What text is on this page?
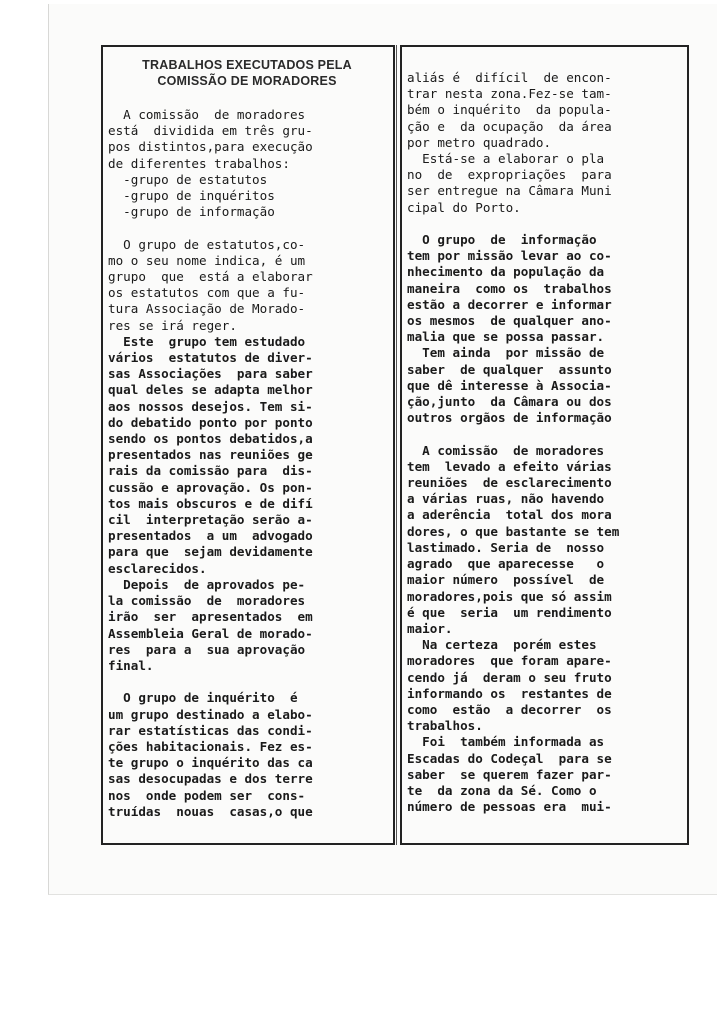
TRABALHOS EXECUTADOS PELA
COMISSÃO DE MORADORES
A comissão  de moradores
está  dividida em três gru-
pos distintos,para execução
de diferentes trabalhos:
-grupo de estatutos
-grupo de inquéritos
-grupo de informação

O grupo de estatutos,co-
mo o seu nome indica, é um
grupo  que  está a elaborar
os estatutos com que a fu-
tura Associação de Morado-
res se irá reger.
Este  grupo tem estudado
vários  estatutos de diver-
sas Associações  para saber
qual deles se adapta melhor
aos nossos desejos. Tem si-
do debatido ponto por ponto
sendo os pontos debatidos,a
presentados nas reuniões ge
rais da comissão para  dis-
cussão e aprovação. Os pon-
tos mais obscuros e de difí
cil  interpretação serão a-
presentados  a um  advogado
para que  sejam devidamente
esclarecidos.
Depois  de aprovados pe-
la comissão  de  moradores
irão  ser  apresentados  em
Assembleia Geral de morado-
res  para a  sua aprovação
final.

O grupo de inquérito  é
um grupo destinado a elabo-
rar estatísticas das condi-
ções habitacionais. Fez es-
te grupo o inquérito das ca
sas desocupadas e dos terre
nos  onde podem ser  cons-
truídas  nouas  casas,o que
aliás é  difícil  de encon-
trar nesta zona.Fez-se tam-
bém o inquérito  da popula-
ção e  da ocupação  da área
por metro quadrado.
Está-se a elaborar o pla
no  de  expropriações  para
ser entregue na Câmara Muni
cipal do Porto.

O grupo  de  informação
tem por missão levar ao co-
nhecimento da população da
maneira  como os  trabalhos
estão a decorrer e informar
os mesmos  de qualquer ano-
malia que se possa passar.
Tem ainda  por missão de
saber  de qualquer  assunto
que dê interesse à Associa-
ção,junto  da Câmara ou dos
outros orgãos de informação

A comissão  de moradores
tem  levado a efeito várias
reuniões  de esclarecimento
a várias ruas, não havendo
a aderência  total dos mora
dores, o que bastante se tem
lastimado. Seria de  nosso
agrado  que aparecesse   o
maior número  possível  de
moradores,pois que só assim
é que  seria  um rendimento
maior.
Na certeza  porém estes
moradores  que foram apare-
cendo já  deram o seu fruto
informando os  restantes de
como  estão  a decorrer  os
trabalhos.
Foi  também informada as
Escadas do Codeçal  para se
saber  se querem fazer par-
te  da zona da Sé. Como o
número de pessoas era  mui-
